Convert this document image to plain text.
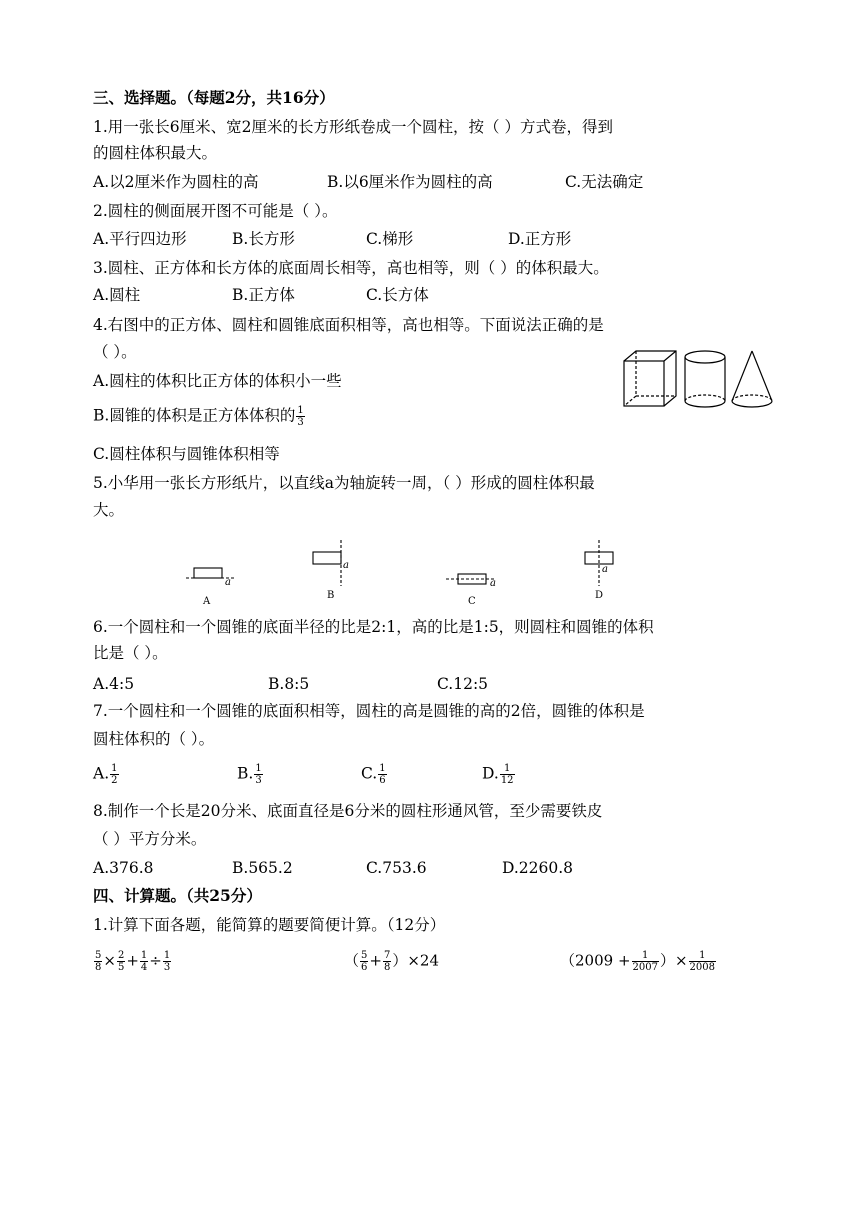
三、选择题。（每题2分，共16分）
1.用一张长6厘米、宽2厘米的长方形纸卷成一个圆柱，按（ ）方式卷，得到
的圆柱体积最大。
A.以2厘米作为圆柱的高	B.以6厘米作为圆柱的高	C.无法确定
2.圆柱的侧面展开图不可能是（ ）。
A.平行四边形	B.长方形	C.梯形	D.正方形
3.圆柱、正方体和长方体的底面周长相等，高也相等，则（ ）的体积最大。
A.圆柱	B.正方体	C.长方体
4.右图中的正方体、圆柱和圆锥底面积相等，高也相等。下面说法正确的是
（ ）。
A.圆柱的体积比正方体的体积小一些
B.圆锥的体积是正方体体积的 $\frac{1}{3}$
C.圆柱体积与圆锥体积相等
5.小华用一张长方形纸片，以直线a为轴旋转一周，（ ）形成的圆柱体积最
大。
a
a
a
a
A
B
C
D
6.一个圆柱和一个圆锥的底面半径的比是2:1，高的比是1:5，则圆柱和圆锥的体积
比是（ ）。
A.4:5	B.8:5	C.12:5
7.一个圆柱和一个圆锥的底面积相等，圆柱的高是圆锥的高的2倍，圆锥的体积是
圆柱体积的（ ）。
A. $\frac{1}{2}$	B. $\frac{1}{3}$	C. $\frac{1}{6}$	D. $\frac{1}{12}$
8.制作一个长是20分米、底面直径是6分米的圆柱形通风管，至少需要铁皮
（ ）平方分米。
A.376.8	B.565.2	C.753.6	D.2260.8
四、计算题。（共25分）
1.计算下面各题，能简算的题要简便计算。（12分）
$\frac{5}{8} \times \frac{2}{5} + \frac{1}{4} \div \frac{1}{3}$	（ $\frac{5}{6} + \frac{7}{8} )\times 24$	（$2009 + \frac{1}{2007}$ ）× $\frac{1}{2008}$
